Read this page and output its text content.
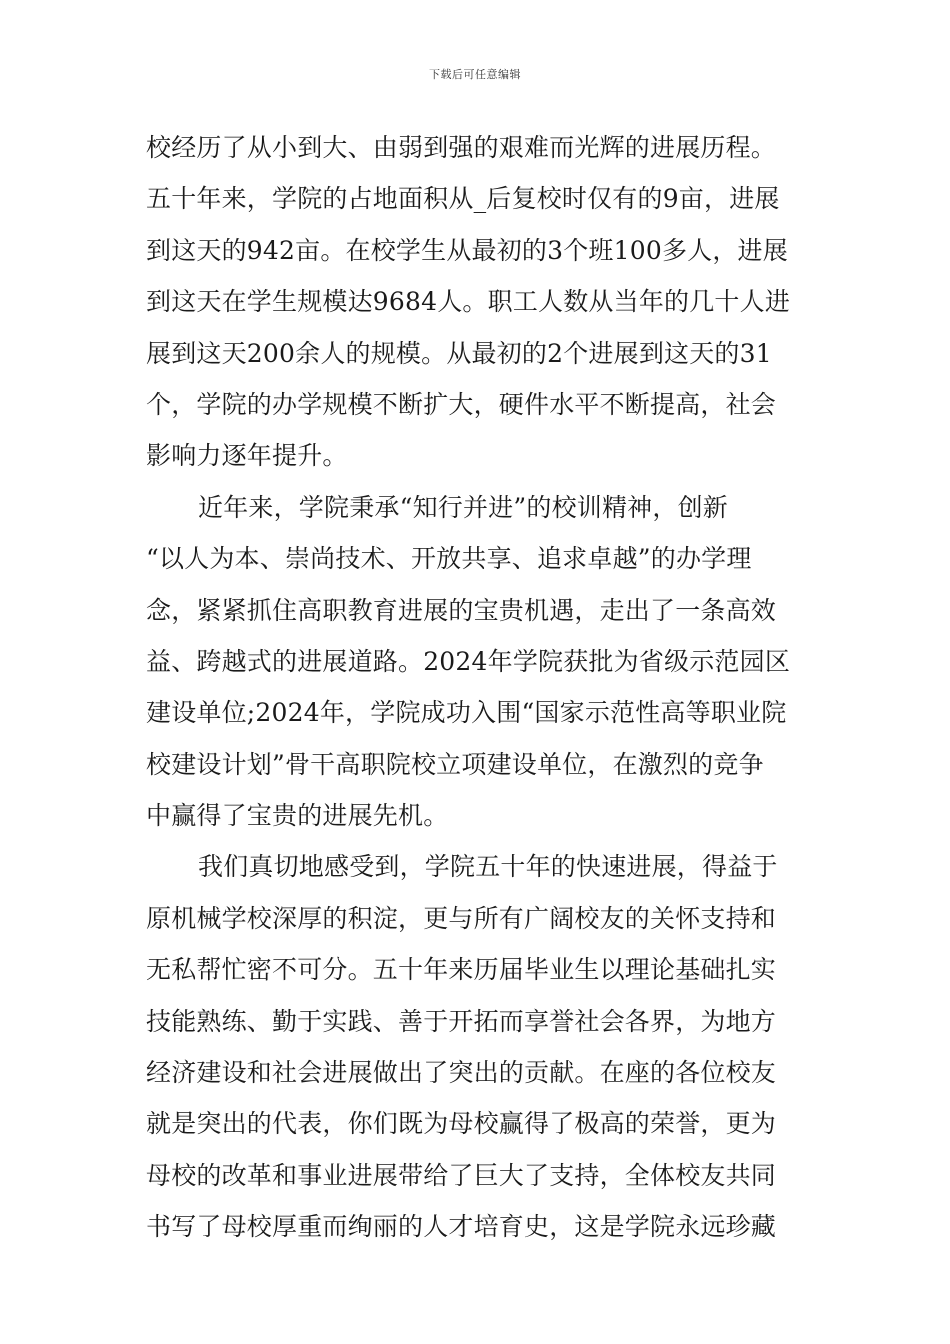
下载后可任意编辑
校经历了从小到大、由弱到强的艰难而光辉的进展历程。
五十年来，学院的占地面积从_后复校时仅有的9亩，进展
到这天的942亩。在校学生从最初的3个班100多人，进展
到这天在学生规模达9684人。职工人数从当年的几十人进
展到这天200余人的规模。从最初的2个进展到这天的31
个，学院的办学规模不断扩大，硬件水平不断提高，社会
影响力逐年提升。
近年来，学院秉承“知行并进”的校训精神，创新
“以人为本、崇尚技术、开放共享、追求卓越”的办学理
念，紧紧抓住高职教育进展的宝贵机遇，走出了一条高效
益、跨越式的进展道路。2024年学院获批为省级示范园区
建设单位;2024年，学院成功入围“国家示范性高等职业院
校建设计划”骨干高职院校立项建设单位，在激烈的竞争
中赢得了宝贵的进展先机。
我们真切地感受到，学院五十年的快速进展，得益于
原机械学校深厚的积淀，更与所有广阔校友的关怀支持和
无私帮忙密不可分。五十年来历届毕业生以理论基础扎实
技能熟练、勤于实践、善于开拓而享誉社会各界，为地方
经济建设和社会进展做出了突出的贡献。在座的各位校友
就是突出的代表，你们既为母校赢得了极高的荣誉，更为
母校的改革和事业进展带给了巨大了支持，全体校友共同
书写了母校厚重而绚丽的人才培育史，这是学院永远珍藏
